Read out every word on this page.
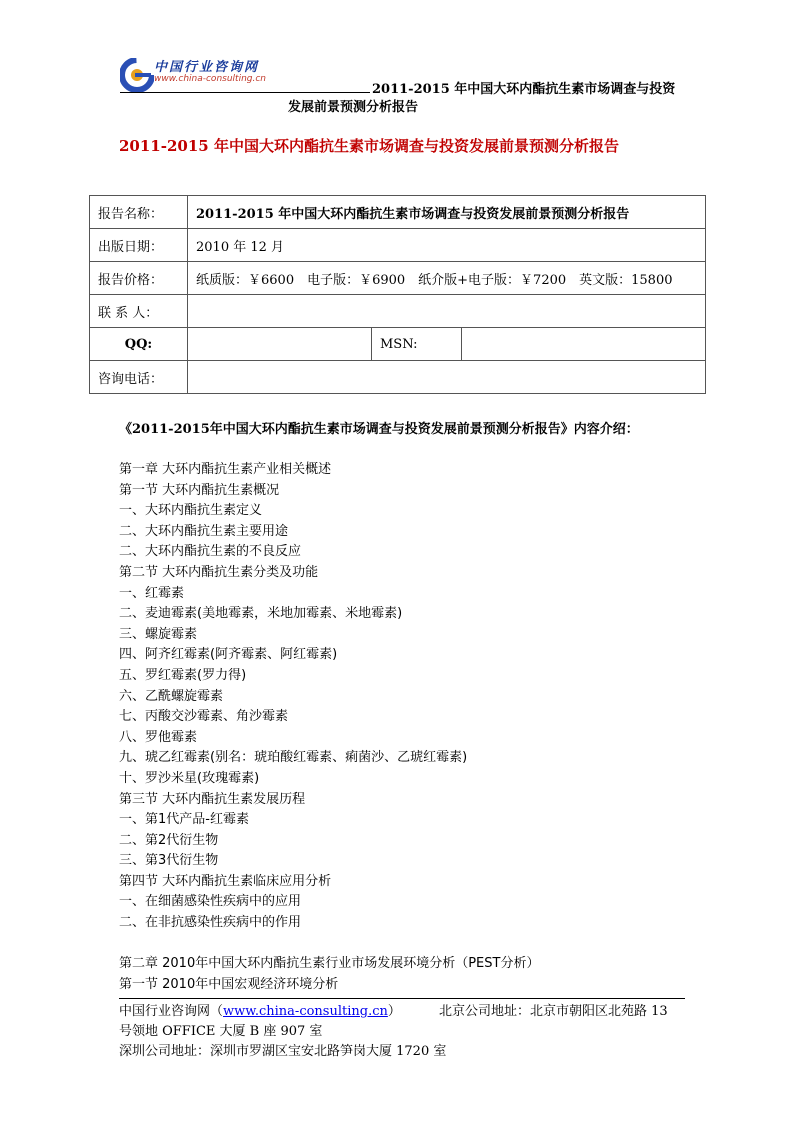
中国行业咨询网
www.china-consulting.cn
2011-2015 年中国大环内酯抗生素市场调查与投资
发展前景预测分析报告
2011-2015 年中国大环内酯抗生素市场调查与投资发展前景预测分析报告
报告名称：	2011-2015 年中国大环内酯抗生素市场调查与投资发展前景预测分析报告		
出版日期：	2010 年 12 月		
报告价格：	纸质版：￥6600　电子版：￥6900　纸介版+电子版：￥7200　英文版：15800		
联 系 人：			
QQ:		MSN:	
咨询电话：			
《2011-2015年中国大环内酯抗生素市场调查与投资发展前景预测分析报告》内容介绍：
第一章 大环内酯抗生素产业相关概述
第一节 大环内酯抗生素概况
一、大环内酯抗生素定义
二、大环内酯抗生素主要用途
二、大环内酯抗生素的不良反应
第二节 大环内酯抗生素分类及功能
一、红霉素
二、麦迪霉素(美地霉素，米地加霉素、米地霉素)
三、螺旋霉素
四、阿齐红霉素(阿齐霉素、阿红霉素)
五、罗红霉素(罗力得)
六、乙酰螺旋霉素
七、丙酸交沙霉素、角沙霉素
八、罗他霉素
九、琥乙红霉素(别名：琥珀酸红霉素、痢菌沙、乙琥红霉素)
十、罗沙米星(玫瑰霉素)
第三节 大环内酯抗生素发展历程
一、第1代产品-红霉素
二、第2代衍生物
三、第3代衍生物
第四节 大环内酯抗生素临床应用分析
一、在细菌感染性疾病中的应用
二、在非抗感染性疾病中的作用
第二章 2010年中国大环内酯抗生素行业市场发展环境分析（PEST分析）
第一节 2010年中国宏观经济环境分析
中国行业咨询网（www.china-consulting.cn）	北京公司地址：北京市朝阳区北苑路 13
号领地 OFFICE 大厦 B 座 907 室
深圳公司地址：深圳市罗湖区宝安北路笋岗大厦 1720 室
